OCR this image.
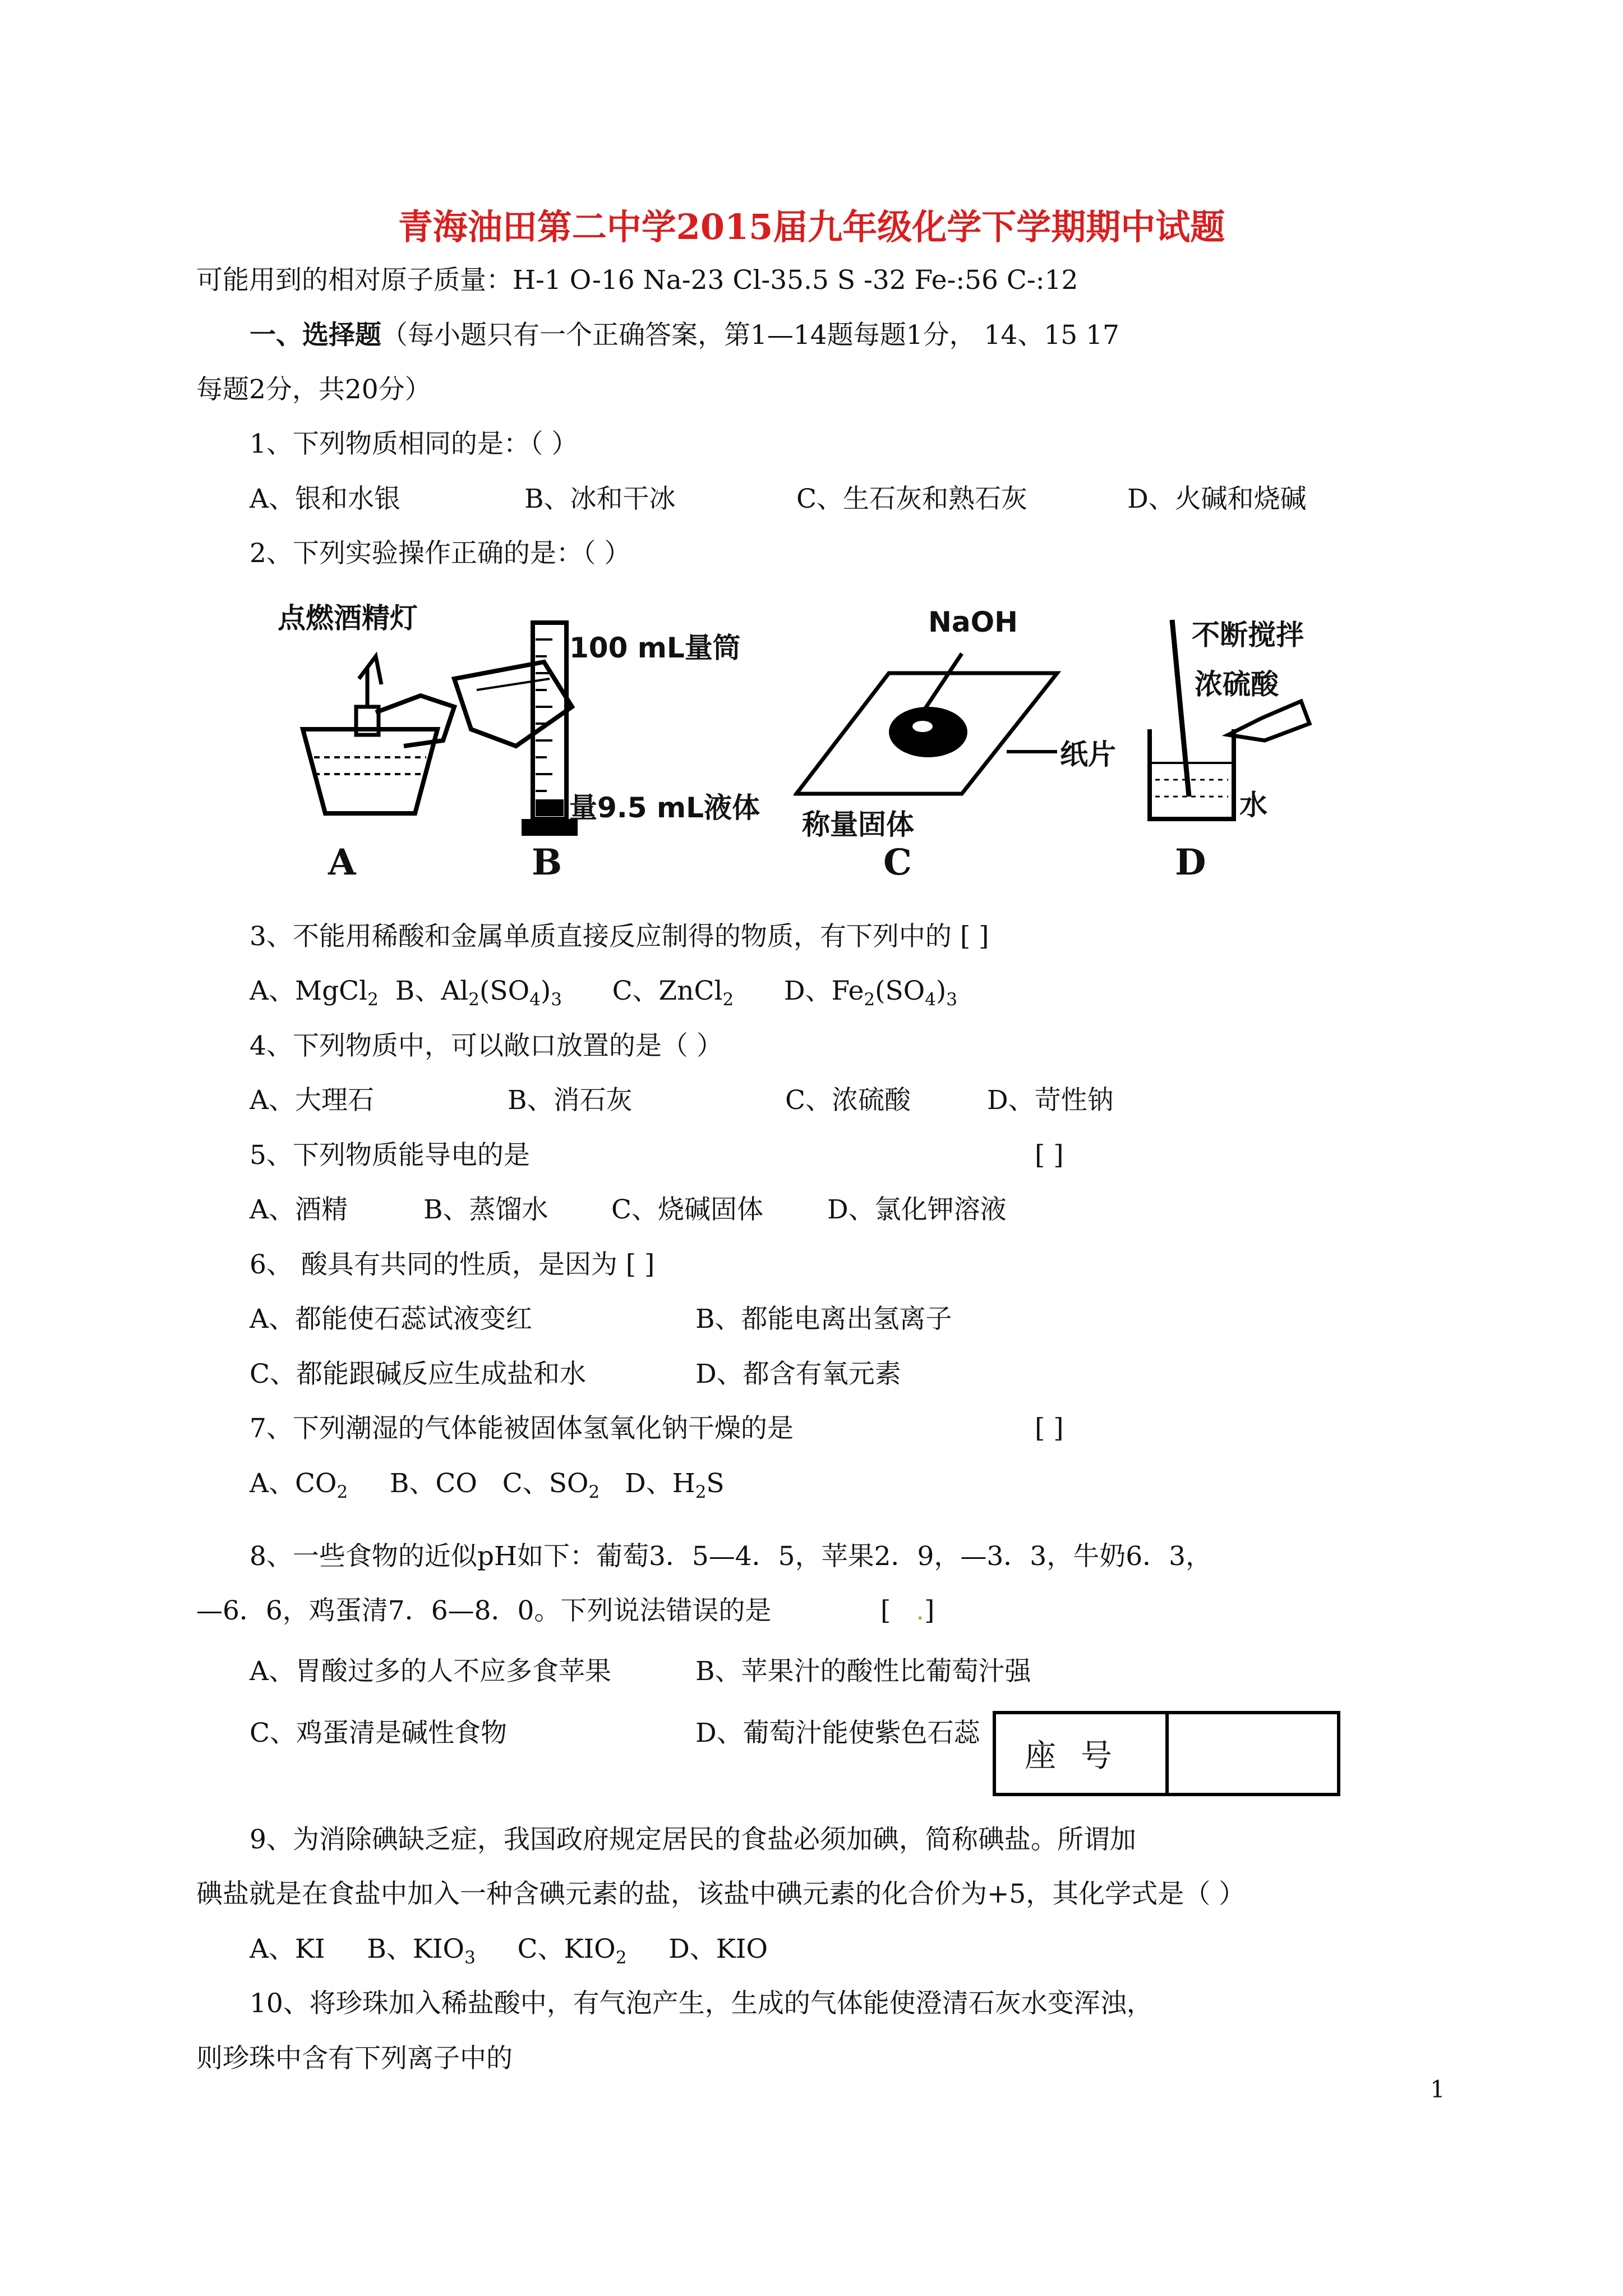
青海油田第二中学2015届九年级化学下学期期中试题
可能用到的相对原子质量：H-1 O-16 Na-23 Cl-35.5 S -32 Fe-:56 C-:12
一、选择题（每小题只有一个正确答案，第1—14题每题1分， 14、15 17
每题2分，共20分）
1、下列物质相同的是：（ ）
A、银和水银	B、冰和干冰	C、生石灰和熟石灰	D、火碱和烧碱
2、下列实验操作正确的是：（ ）
点燃酒精灯
100 mL量筒
量9.5 mL液体
NaOH
纸片
称量固体
不断搅拌
浓硫酸
水
A	B	C	D
3、不能用稀酸和金属单质直接反应制得的物质，有下列中的 [ ]
A、MgCl$_2$ B、$Al_2(SO_4)_3$ C、ZnCl$_2$ D、$Fe_2(SO_4)_3$
4、下列物质中，可以敞口放置的是（ ）
A、大理石	B、消石灰	C、浓硫酸	D、苛性钠
5、下列物质能导电的是	[ ]
A、酒精	B、蒸馏水 C、烧碱固体 D、氯化钾溶液
6、 酸具有共同的性质，是因为 [ ]
A、都能使石蕊试液变红	B、都能电离出氢离子
C、都能跟碱反应生成盐和水	D、都含有氧元素
7、下列潮湿的气体能被固体氢氧化钠干燥的是	[ ]
A、$CO_2$ B、CO C、$SO_2$ D、$H_2S$
8、一些食物的近似pH如下：葡萄3．5—4．5，苹果2．9，—3．3，牛奶6．3，
—6．6，鸡蛋清7．6—8．0。下列说法错误的是	[ .]
A、胃酸过多的人不应多食苹果	B、苹果汁的酸性比葡萄汁强
C、鸡蛋清是碱性食物	D、葡萄汁能使紫色石蕊
座号
9、为消除碘缺乏症，我国政府规定居民的食盐必须加碘，简称碘盐。所谓加
碘盐就是在食盐中加入一种含碘元素的盐，该盐中碘元素的化合价为+5，其化学式是（ ）
A、KI B、$KIO_3$ C、$KIO_2$ D、KIO
10、将珍珠加入稀盐酸中，有气泡产生，生成的气体能使澄清石灰水变浑浊，
则珍珠中含有下列离子中的
1
